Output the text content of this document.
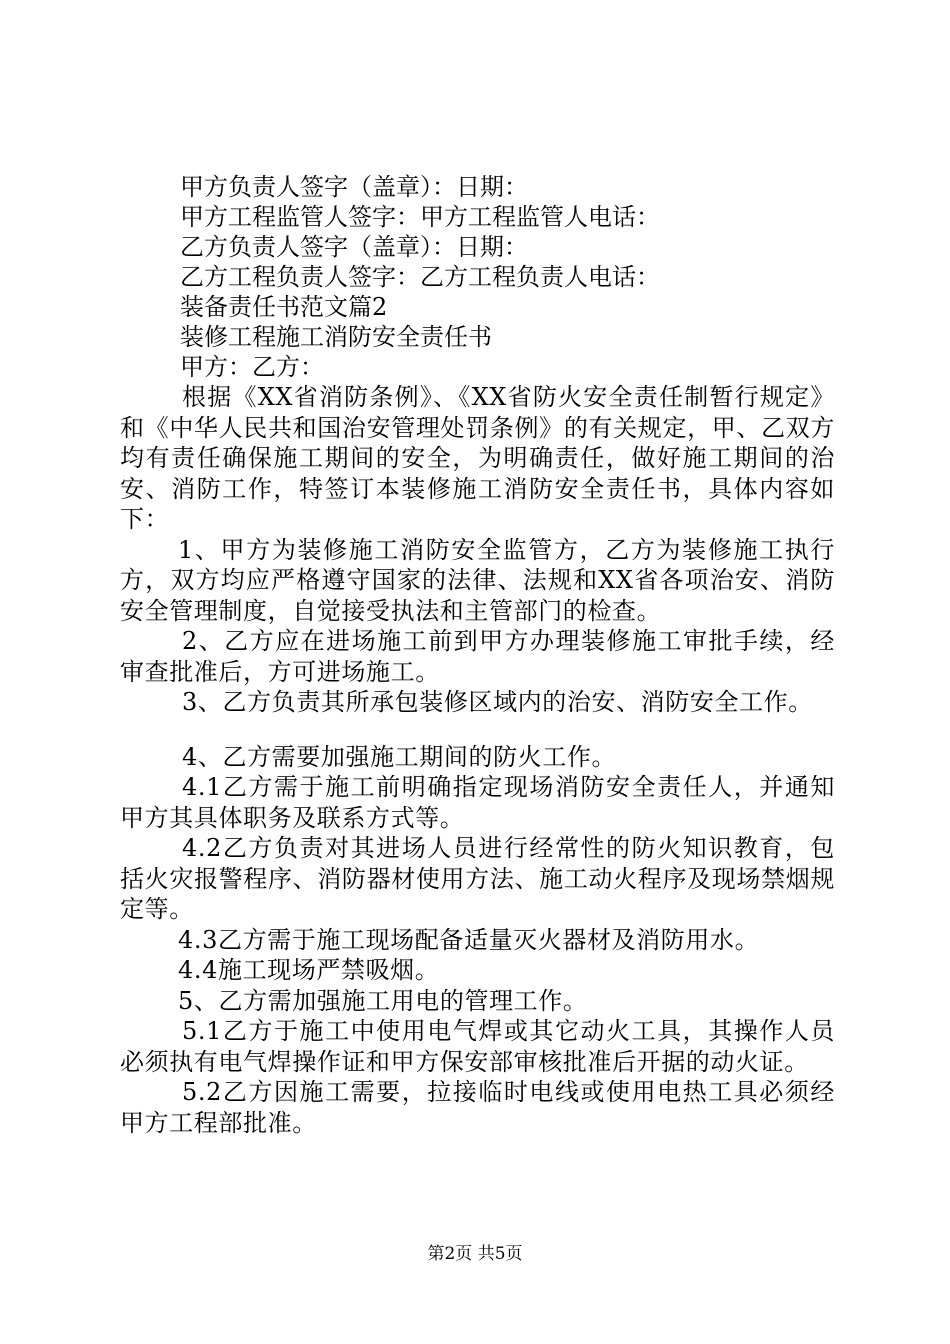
甲方负责人签字（盖章）：日期：

甲方工程监管人签字：甲方工程监管人电话：

乙方负责人签字（盖章）：日期：

乙方工程负责人签字：乙方工程负责人电话：

装备责任书范文篇2

装修工程施工消防安全责任书

甲方：乙方：

根据《XX省消防条例》、《XX省防火安全责任制暂行规定》和《中华人民共和国治安管理处罚条例》的有关规定，甲、乙双方均有责任确保施工期间的安全，为明确责任，做好施工期间的治安、消防工作，特签订本装修施工消防安全责任书，具体内容如下：

1、甲方为装修施工消防安全监管方，乙方为装修施工执行方，双方均应严格遵守国家的法律、法规和XX省各项治安、消防安全管理制度，自觉接受执法和主管部门的检查。

2、乙方应在进场施工前到甲方办理装修施工审批手续，经审查批准后，方可进场施工。

3、乙方负责其所承包装修区域内的治安、消防安全工作。

4、乙方需要加强施工期间的防火工作。

4.1乙方需于施工前明确指定现场消防安全责任人，并通知甲方其具体职务及联系方式等。

4.2乙方负责对其进场人员进行经常性的防火知识教育，包括火灾报警程序、消防器材使用方法、施工动火程序及现场禁烟规定等。

4.3乙方需于施工现场配备适量灭火器材及消防用水。

4.4施工现场严禁吸烟。

5、乙方需加强施工用电的管理工作。

5.1乙方于施工中使用电气焊或其它动火工具，其操作人员必须执有电气焊操作证和甲方保安部审核批准后开据的动火证。

5.2乙方因施工需要，拉接临时电线或使用电热工具必须经甲方工程部批准。

第2页 共5页
